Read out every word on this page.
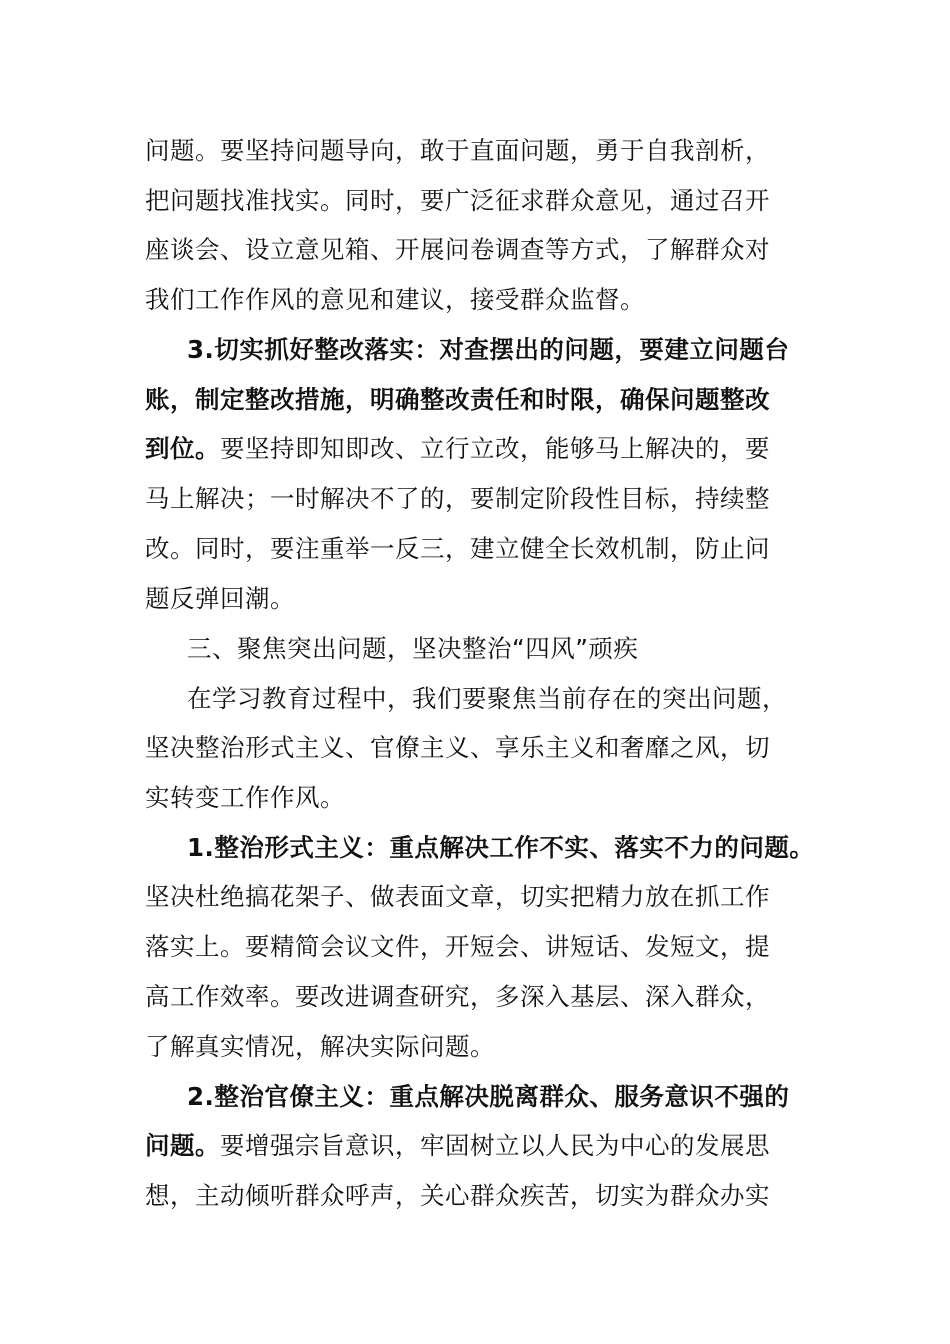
问题。要坚持问题导向，敢于直面问题，勇于自我剖析，
把问题找准找实。同时，要广泛征求群众意见，通过召开
座谈会、设立意见箱、开展问卷调查等方式，了解群众对
我们工作作风的意见和建议，接受群众监督。
3.切实抓好整改落实：对查摆出的问题，要建立问题台
账，制定整改措施，明确整改责任和时限，确保问题整改
到位。要坚持即知即改、立行立改，能够马上解决的，要
马上解决；一时解决不了的，要制定阶段性目标，持续整
改。同时，要注重举一反三，建立健全长效机制，防止问
题反弹回潮。
三、聚焦突出问题，坚决整治“四风”顽疾
在学习教育过程中，我们要聚焦当前存在的突出问题，
坚决整治形式主义、官僚主义、享乐主义和奢靡之风，切
实转变工作作风。
1.整治形式主义：重点解决工作不实、落实不力的问题。
坚决杜绝搞花架子、做表面文章，切实把精力放在抓工作
落实上。要精简会议文件，开短会、讲短话、发短文，提
高工作效率。要改进调查研究，多深入基层、深入群众，
了解真实情况，解决实际问题。
2.整治官僚主义：重点解决脱离群众、服务意识不强的
问题。要增强宗旨意识，牢固树立以人民为中心的发展思
想，主动倾听群众呼声，关心群众疾苦，切实为群众办实
